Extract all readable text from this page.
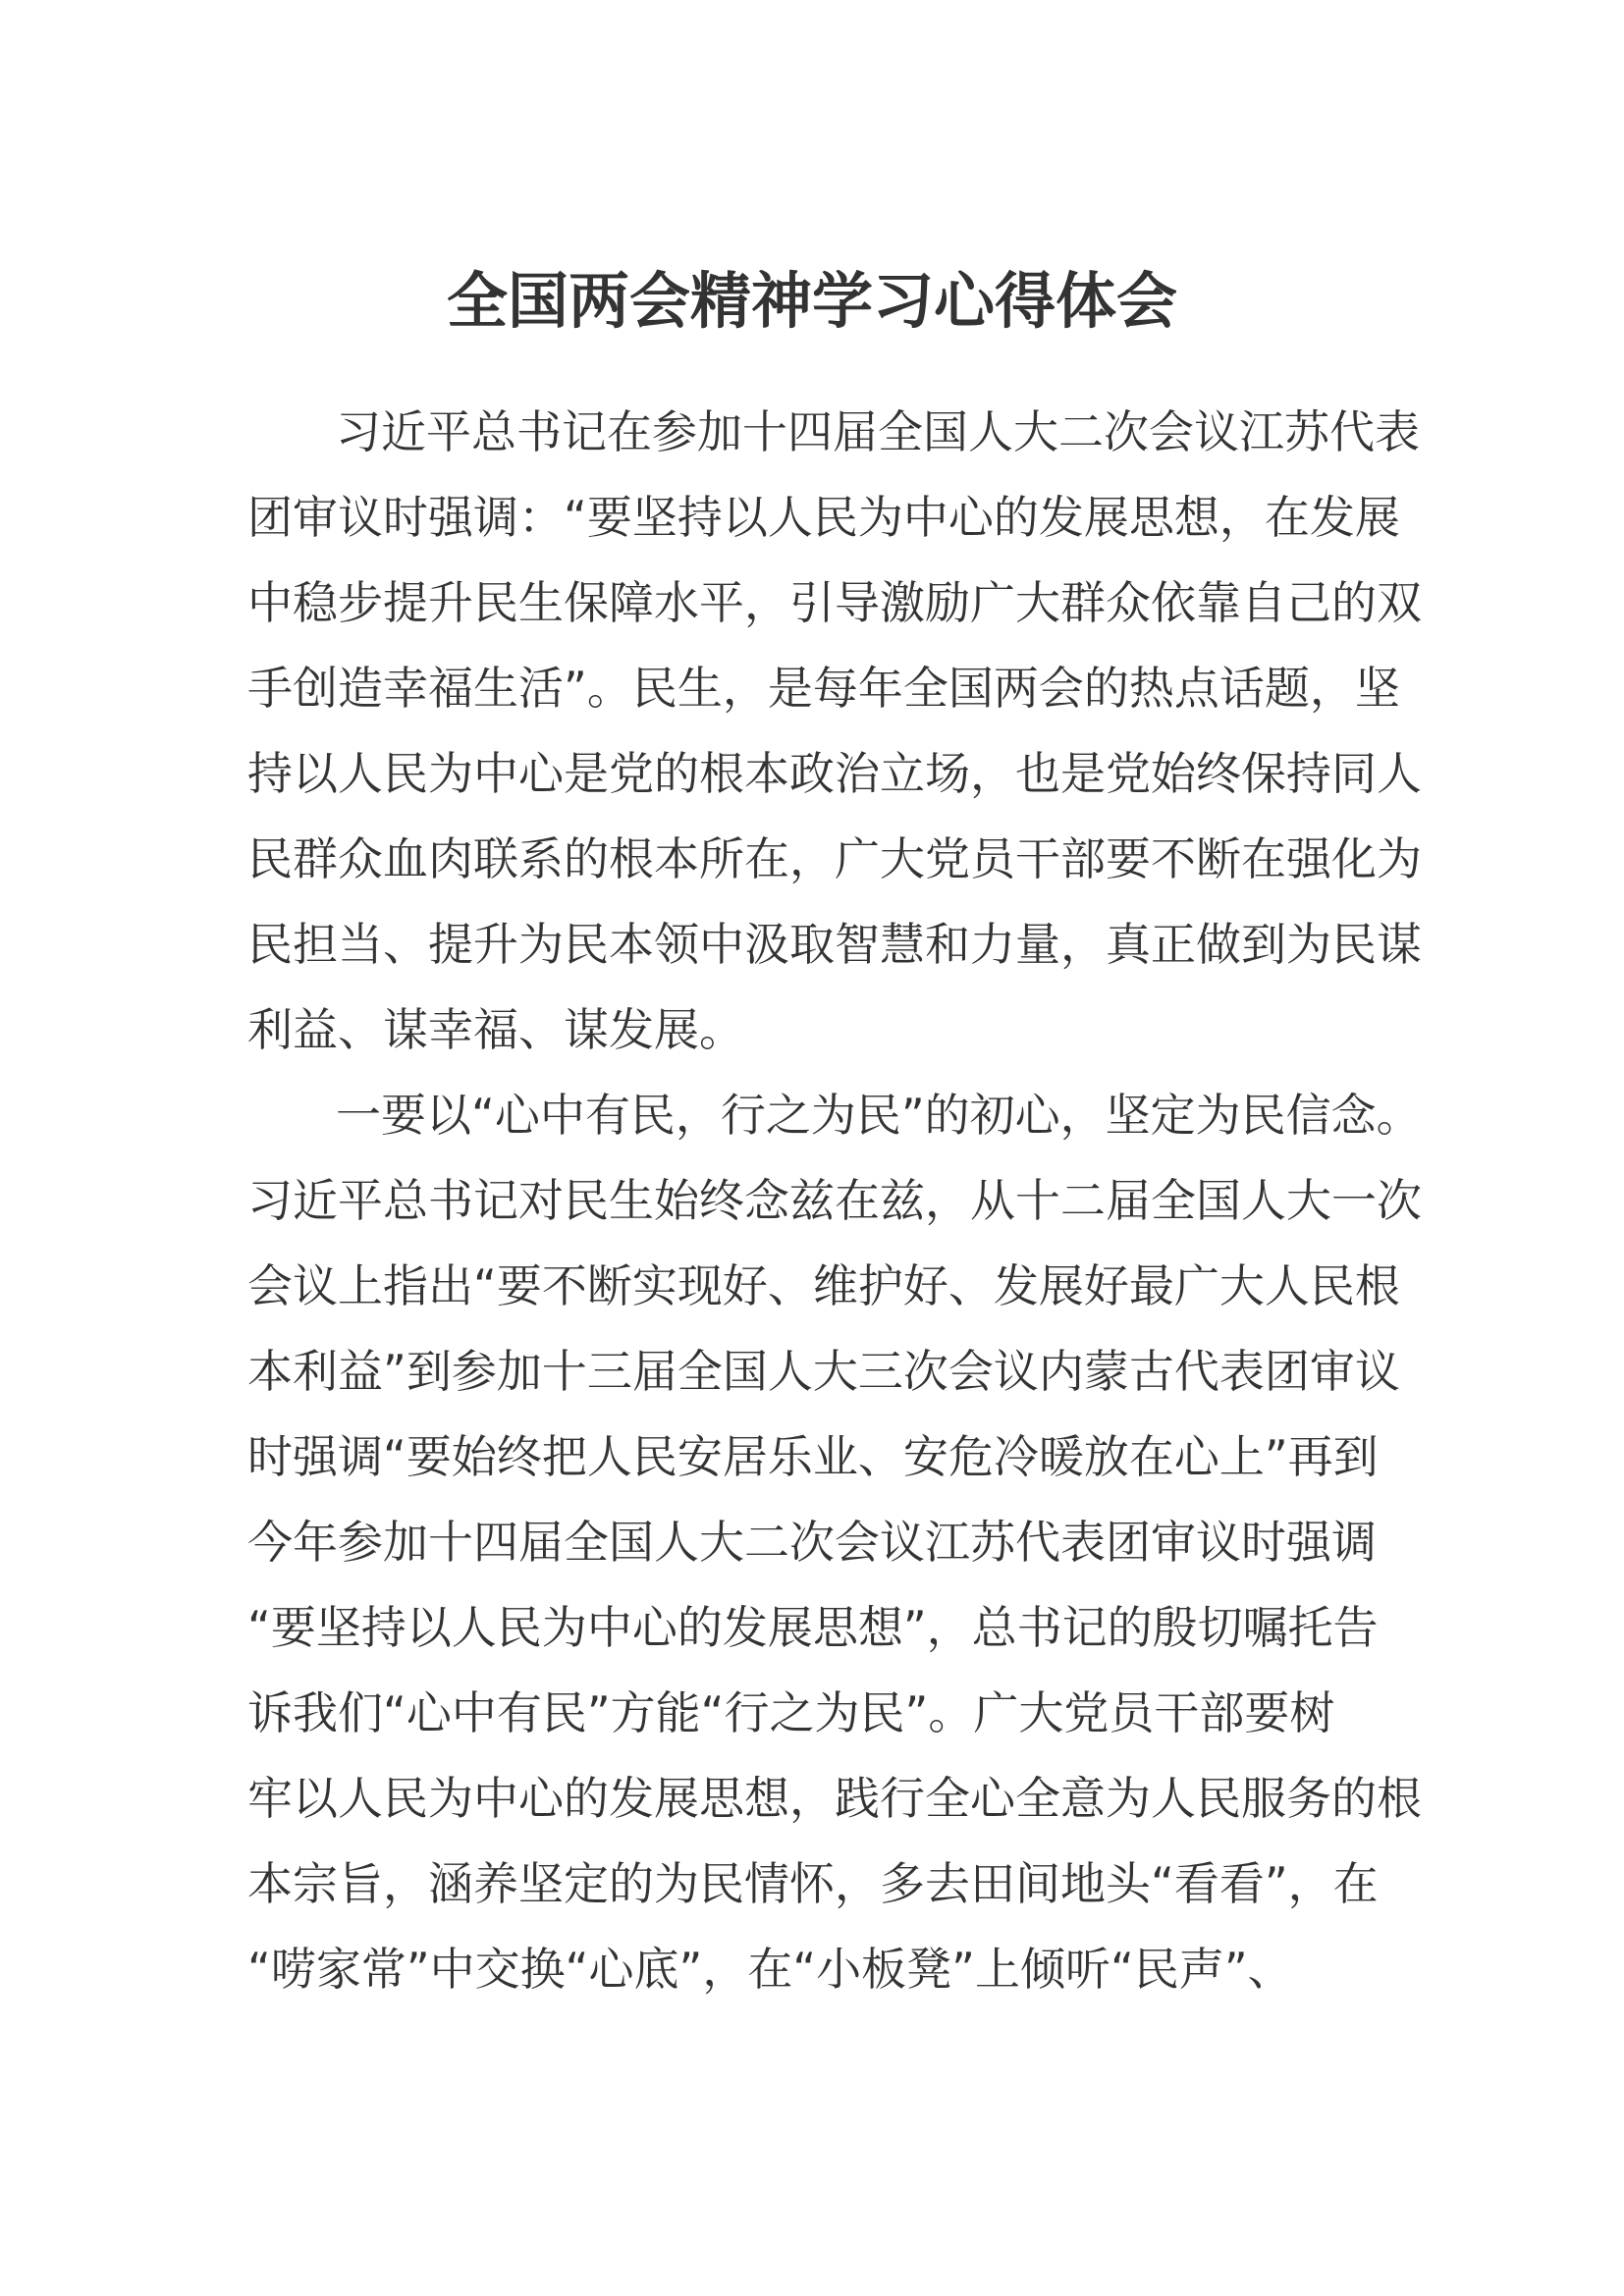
全国两会精神学习心得体会
习近平总书记在参加十四届全国人大二次会议江苏代表
团审议时强调：“要坚持以人民为中心的发展思想，在发展
中稳步提升民生保障水平，引导激励广大群众依靠自己的双
手创造幸福生活”。民生，是每年全国两会的热点话题，坚
持以人民为中心是党的根本政治立场，也是党始终保持同人
民群众血肉联系的根本所在，广大党员干部要不断在强化为
民担当、提升为民本领中汲取智慧和力量，真正做到为民谋
利益、谋幸福、谋发展。
一要以“心中有民，行之为民”的初心，坚定为民信念。
习近平总书记对民生始终念兹在兹，从十二届全国人大一次
会议上指出“要不断实现好、维护好、发展好最广大人民根
本利益”到参加十三届全国人大三次会议内蒙古代表团审议
时强调“要始终把人民安居乐业、安危冷暖放在心上”再到
今年参加十四届全国人大二次会议江苏代表团审议时强调
“要坚持以人民为中心的发展思想”，总书记的殷切嘱托告
诉我们“心中有民”方能“行之为民”。广大党员干部要树
牢以人民为中心的发展思想，践行全心全意为人民服务的根
本宗旨，涵养坚定的为民情怀，多去田间地头“看看”，在
“唠家常”中交换“心底”，在“小板凳”上倾听“民声”、
